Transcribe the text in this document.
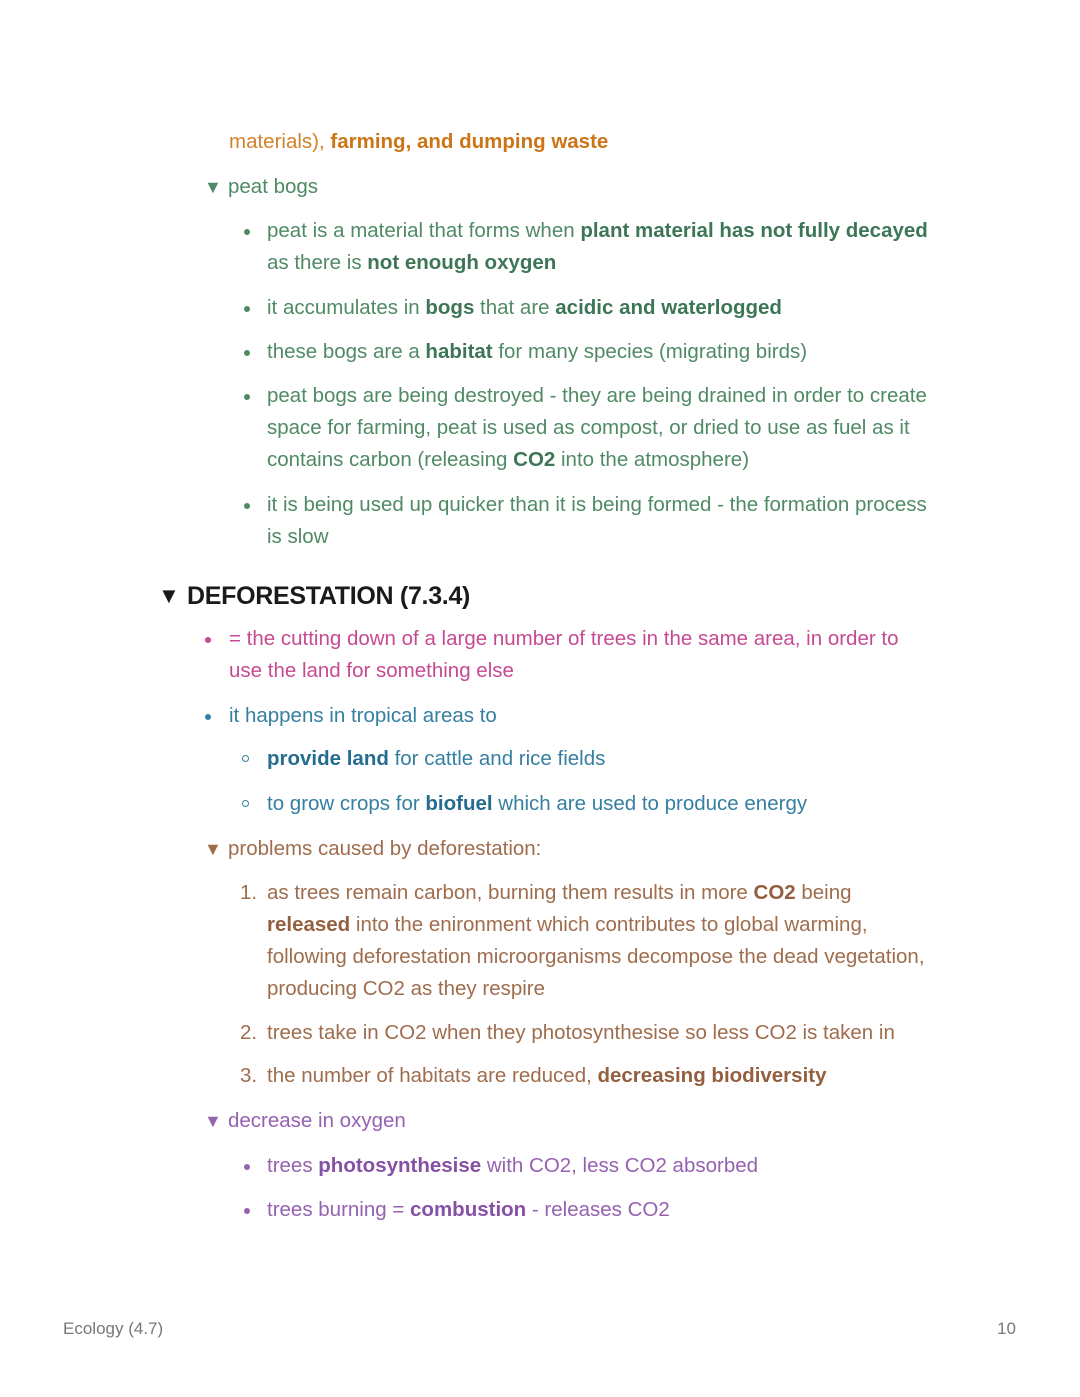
materials), farming, and dumping waste
▼ peat bogs
peat is a material that forms when plant material has not fully decayed
as there is not enough oxygen
it accumulates in bogs that are acidic and waterlogged
these bogs are a habitat for many species (migrating birds)
peat bogs are being destroyed - they are being drained in order to create
space for farming, peat is used as compost, or dried to use as fuel as it
contains carbon (releasing CO2 into the atmosphere)
it is being used up quicker than it is being formed - the formation process
is slow
▼ DEFORESTATION (7.3.4)
= the cutting down of a large number of trees in the same area, in order to
use the land for something else
it happens in tropical areas to
provide land for cattle and rice fields
to grow crops for biofuel which are used to produce energy
▼ problems caused by deforestation:
1. as trees remain carbon, burning them results in more CO2 being
released into the enironment which contributes to global warming,
following deforestation microorganisms decompose the dead vegetation,
producing CO2 as they respire
2. trees take in CO2 when they photosynthesise so less CO2 is taken in
3. the number of habitats are reduced, decreasing biodiversity
▼ decrease in oxygen
trees photosynthesise with CO2, less CO2 absorbed
trees burning = combustion - releases CO2
Ecology (4.7)	10
